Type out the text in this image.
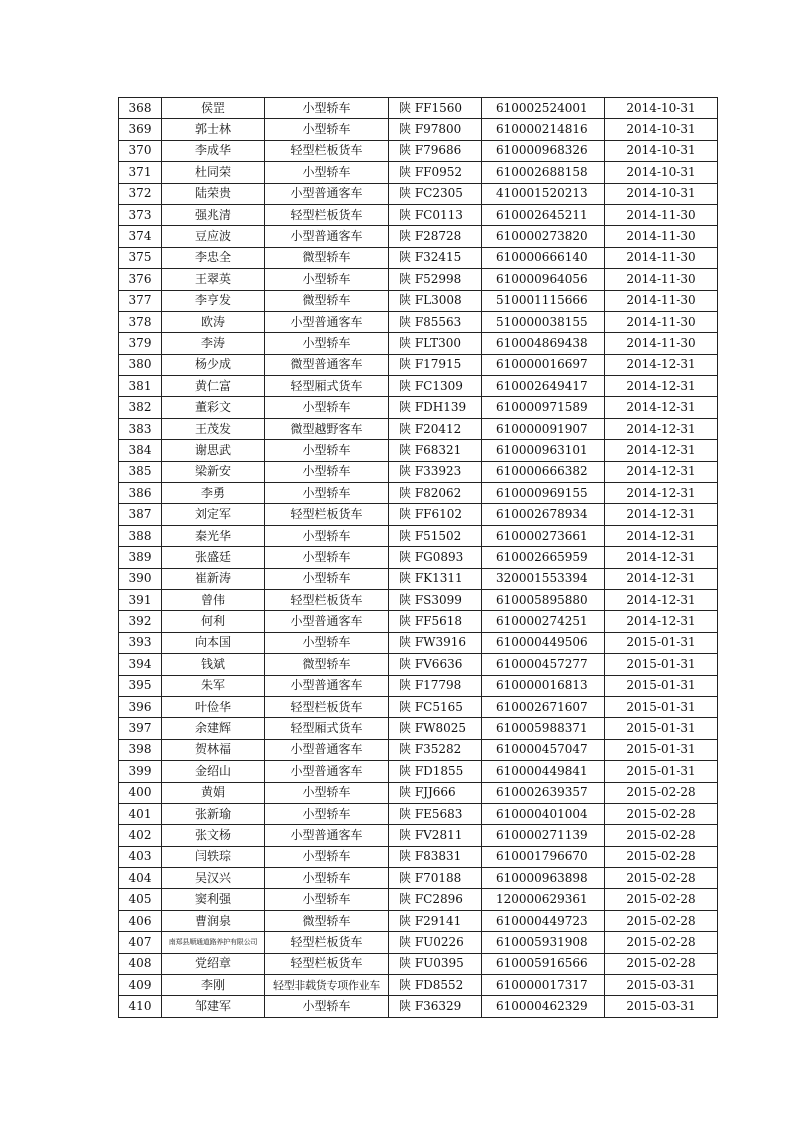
368	侯罡	小型轿车	陕 FF1560	610002524001	2014-10-31
369	郭士林	小型轿车	陕 F97800	610000214816	2014-10-31
370	李成华	轻型栏板货车	陕 F79686	610000968326	2014-10-31
371	杜同荣	小型轿车	陕 FF0952	610002688158	2014-10-31
372	陆荣贵	小型普通客车	陕 FC2305	410001520213	2014-10-31
373	强兆清	轻型栏板货车	陕 FC0113	610002645211	2014-11-30
374	豆应波	小型普通客车	陕 F28728	610000273820	2014-11-30
375	李忠全	微型轿车	陕 F32415	610000666140	2014-11-30
376	王翠英	小型轿车	陕 F52998	610000964056	2014-11-30
377	李亨发	微型轿车	陕 FL3008	510001115666	2014-11-30
378	欧涛	小型普通客车	陕 F85563	510000038155	2014-11-30
379	李涛	小型轿车	陕 FLT300	610004869438	2014-11-30
380	杨少成	微型普通客车	陕 F17915	610000016697	2014-12-31
381	黄仁富	轻型厢式货车	陕 FC1309	610002649417	2014-12-31
382	董彩文	小型轿车	陕 FDH139	610000971589	2014-12-31
383	王茂发	微型越野客车	陕 F20412	610000091907	2014-12-31
384	谢思武	小型轿车	陕 F68321	610000963101	2014-12-31
385	梁新安	小型轿车	陕 F33923	610000666382	2014-12-31
386	李勇	小型轿车	陕 F82062	610000969155	2014-12-31
387	刘定军	轻型栏板货车	陕 FF6102	610002678934	2014-12-31
388	秦光华	小型轿车	陕 F51502	610000273661	2014-12-31
389	张盛廷	小型轿车	陕 FG0893	610002665959	2014-12-31
390	崔新涛	小型轿车	陕 FK1311	320001553394	2014-12-31
391	曾伟	轻型栏板货车	陕 FS3099	610005895880	2014-12-31
392	何利	小型普通客车	陕 FF5618	610000274251	2014-12-31
393	向本国	小型轿车	陕 FW3916	610000449506	2015-01-31
394	钱斌	微型轿车	陕 FV6636	610000457277	2015-01-31
395	朱军	小型普通客车	陕 F17798	610000016813	2015-01-31
396	叶俭华	轻型栏板货车	陕 FC5165	610002671607	2015-01-31
397	余建辉	轻型厢式货车	陕 FW8025	610005988371	2015-01-31
398	贺林福	小型普通客车	陕 F35282	610000457047	2015-01-31
399	金绍山	小型普通客车	陕 FD1855	610000449841	2015-01-31
400	黄娟	小型轿车	陕 FJJ666	610002639357	2015-02-28
401	张新瑜	小型轿车	陕 FE5683	610000401004	2015-02-28
402	张文杨	小型普通客车	陕 FV2811	610000271139	2015-02-28
403	闫轶琮	小型轿车	陕 F83831	610001796670	2015-02-28
404	吴汉兴	小型轿车	陕 F70188	610000963898	2015-02-28
405	窦利强	小型轿车	陕 FC2896	120000629361	2015-02-28
406	曹润泉	微型轿车	陕 F29141	610000449723	2015-02-28
407	南郑县顺通道路养护有限公司	轻型栏板货车	陕 FU0226	610005931908	2015-02-28
408	党绍章	轻型栏板货车	陕 FU0395	610005916566	2015-02-28
409	李刚	轻型非载货专项作业车	陕 FD8552	610000017317	2015-03-31
410	邹建军	小型轿车	陕 F36329	610000462329	2015-03-31
